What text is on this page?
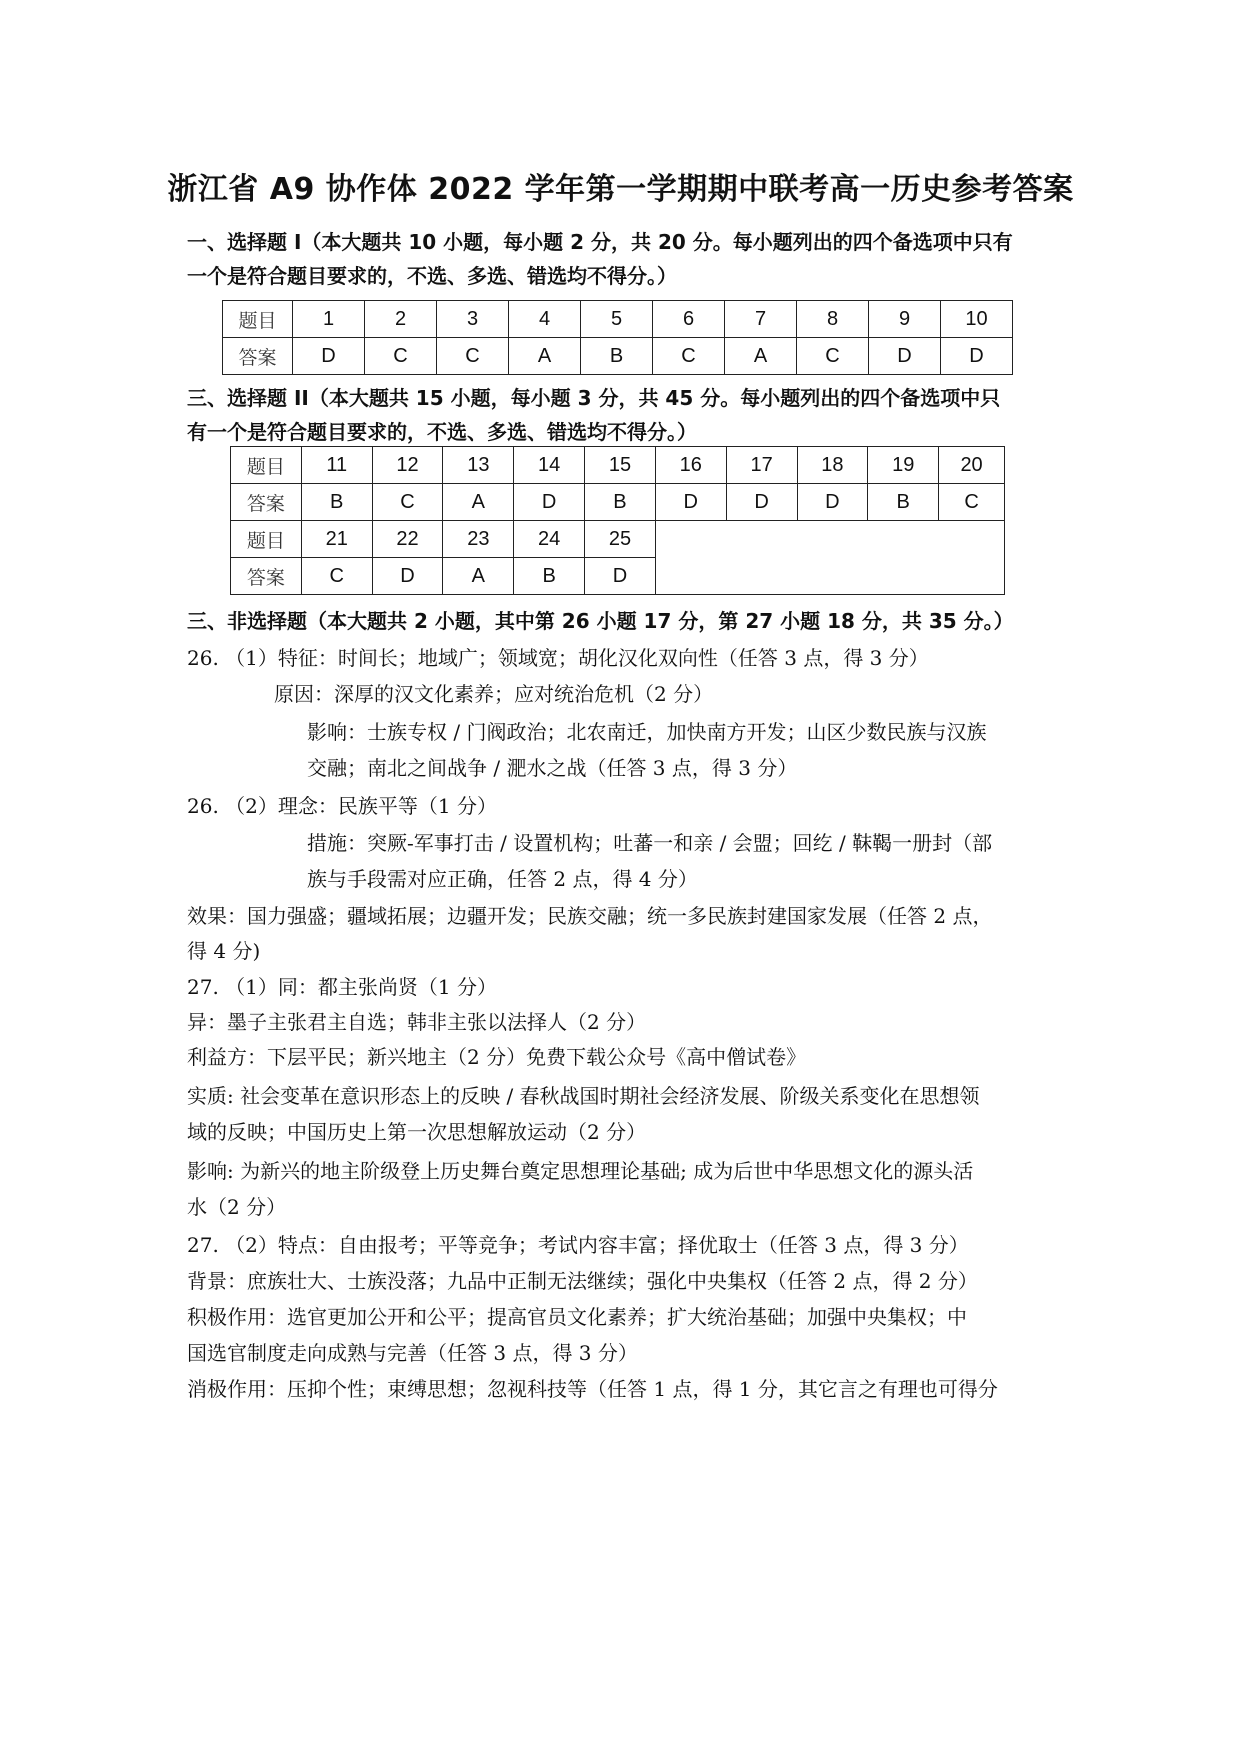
浙江省 A9 协作体 2022 学年第一学期期中联考高一历史参考答案
一、选择题 I（本大题共 10 小题，每小题 2 分，共 20 分。每小题列出的四个备选项中只有
一个是符合题目要求的，不选、多选、错选均不得分。）
题目	1	2	3	4	5	6	7	8	9	10
答案	D	C	C	A	B	C	A	C	D	D
三、选择题 II（本大题共 15 小题，每小题 3 分，共 45 分。每小题列出的四个备选项中只
有一个是符合题目要求的，不选、多选、错选均不得分。）
题目	11	12	13	14	15	16	17	18	19	20
答案	B	C	A	D	B	D	D	D	B	C
题目	21	22	23	24	25					
答案	C	D	A	B	D					
三、非选择题（本大题共 2 小题，其中第 26 小题 17 分，第 27 小题 18 分，共 35 分。）
26. （1）特征：时间长；地域广；领域宽；胡化汉化双向性（任答 3 点，得 3 分）
原因：深厚的汉文化素养；应对统治危机（2 分）
影响：士族专权 / 门阀政治；北农南迁，加快南方开发；山区少数民族与汉族
交融；南北之间战争 / 淝水之战（任答 3 点，得 3 分）
26. （2）理念：民族平等（1 分）
措施：突厥-军事打击 / 设置机构；吐蕃一和亲 / 会盟；回纥 / 靺鞨一册封（部
族与手段需对应正确，任答 2 点，得 4 分）
效果：国力强盛；疆域拓展；边疆开发；民族交融；统一多民族封建国家发展（任答 2 点，
得 4 分)
27. （1）同：都主张尚贤（1 分）
异：墨子主张君主自选；韩非主张以法择人（2 分）
利益方：下层平民；新兴地主（2 分）免费下载公众号《高中僧试卷》
实质: 社会变革在意识形态上的反映 / 春秋战国时期社会经济发展、阶级关系变化在思想领
域的反映；中国历史上第一次思想解放运动（2 分）
影响: 为新兴的地主阶级登上历史舞台奠定思想理论基础; 成为后世中华思想文化的源头活
水（2 分）
27. （2）特点：自由报考；平等竞争；考试内容丰富；择优取士（任答 3 点，得 3 分）
背景：庶族壮大、士族没落；九品中正制无法继续；强化中央集权（任答 2 点，得 2 分）
积极作用：选官更加公开和公平；提高官员文化素养；扩大统治基础；加强中央集权；中
国选官制度走向成熟与完善（任答 3 点，得 3 分）
消极作用：压抑个性；束缚思想；忽视科技等（任答 1 点，得 1 分，其它言之有理也可得分
